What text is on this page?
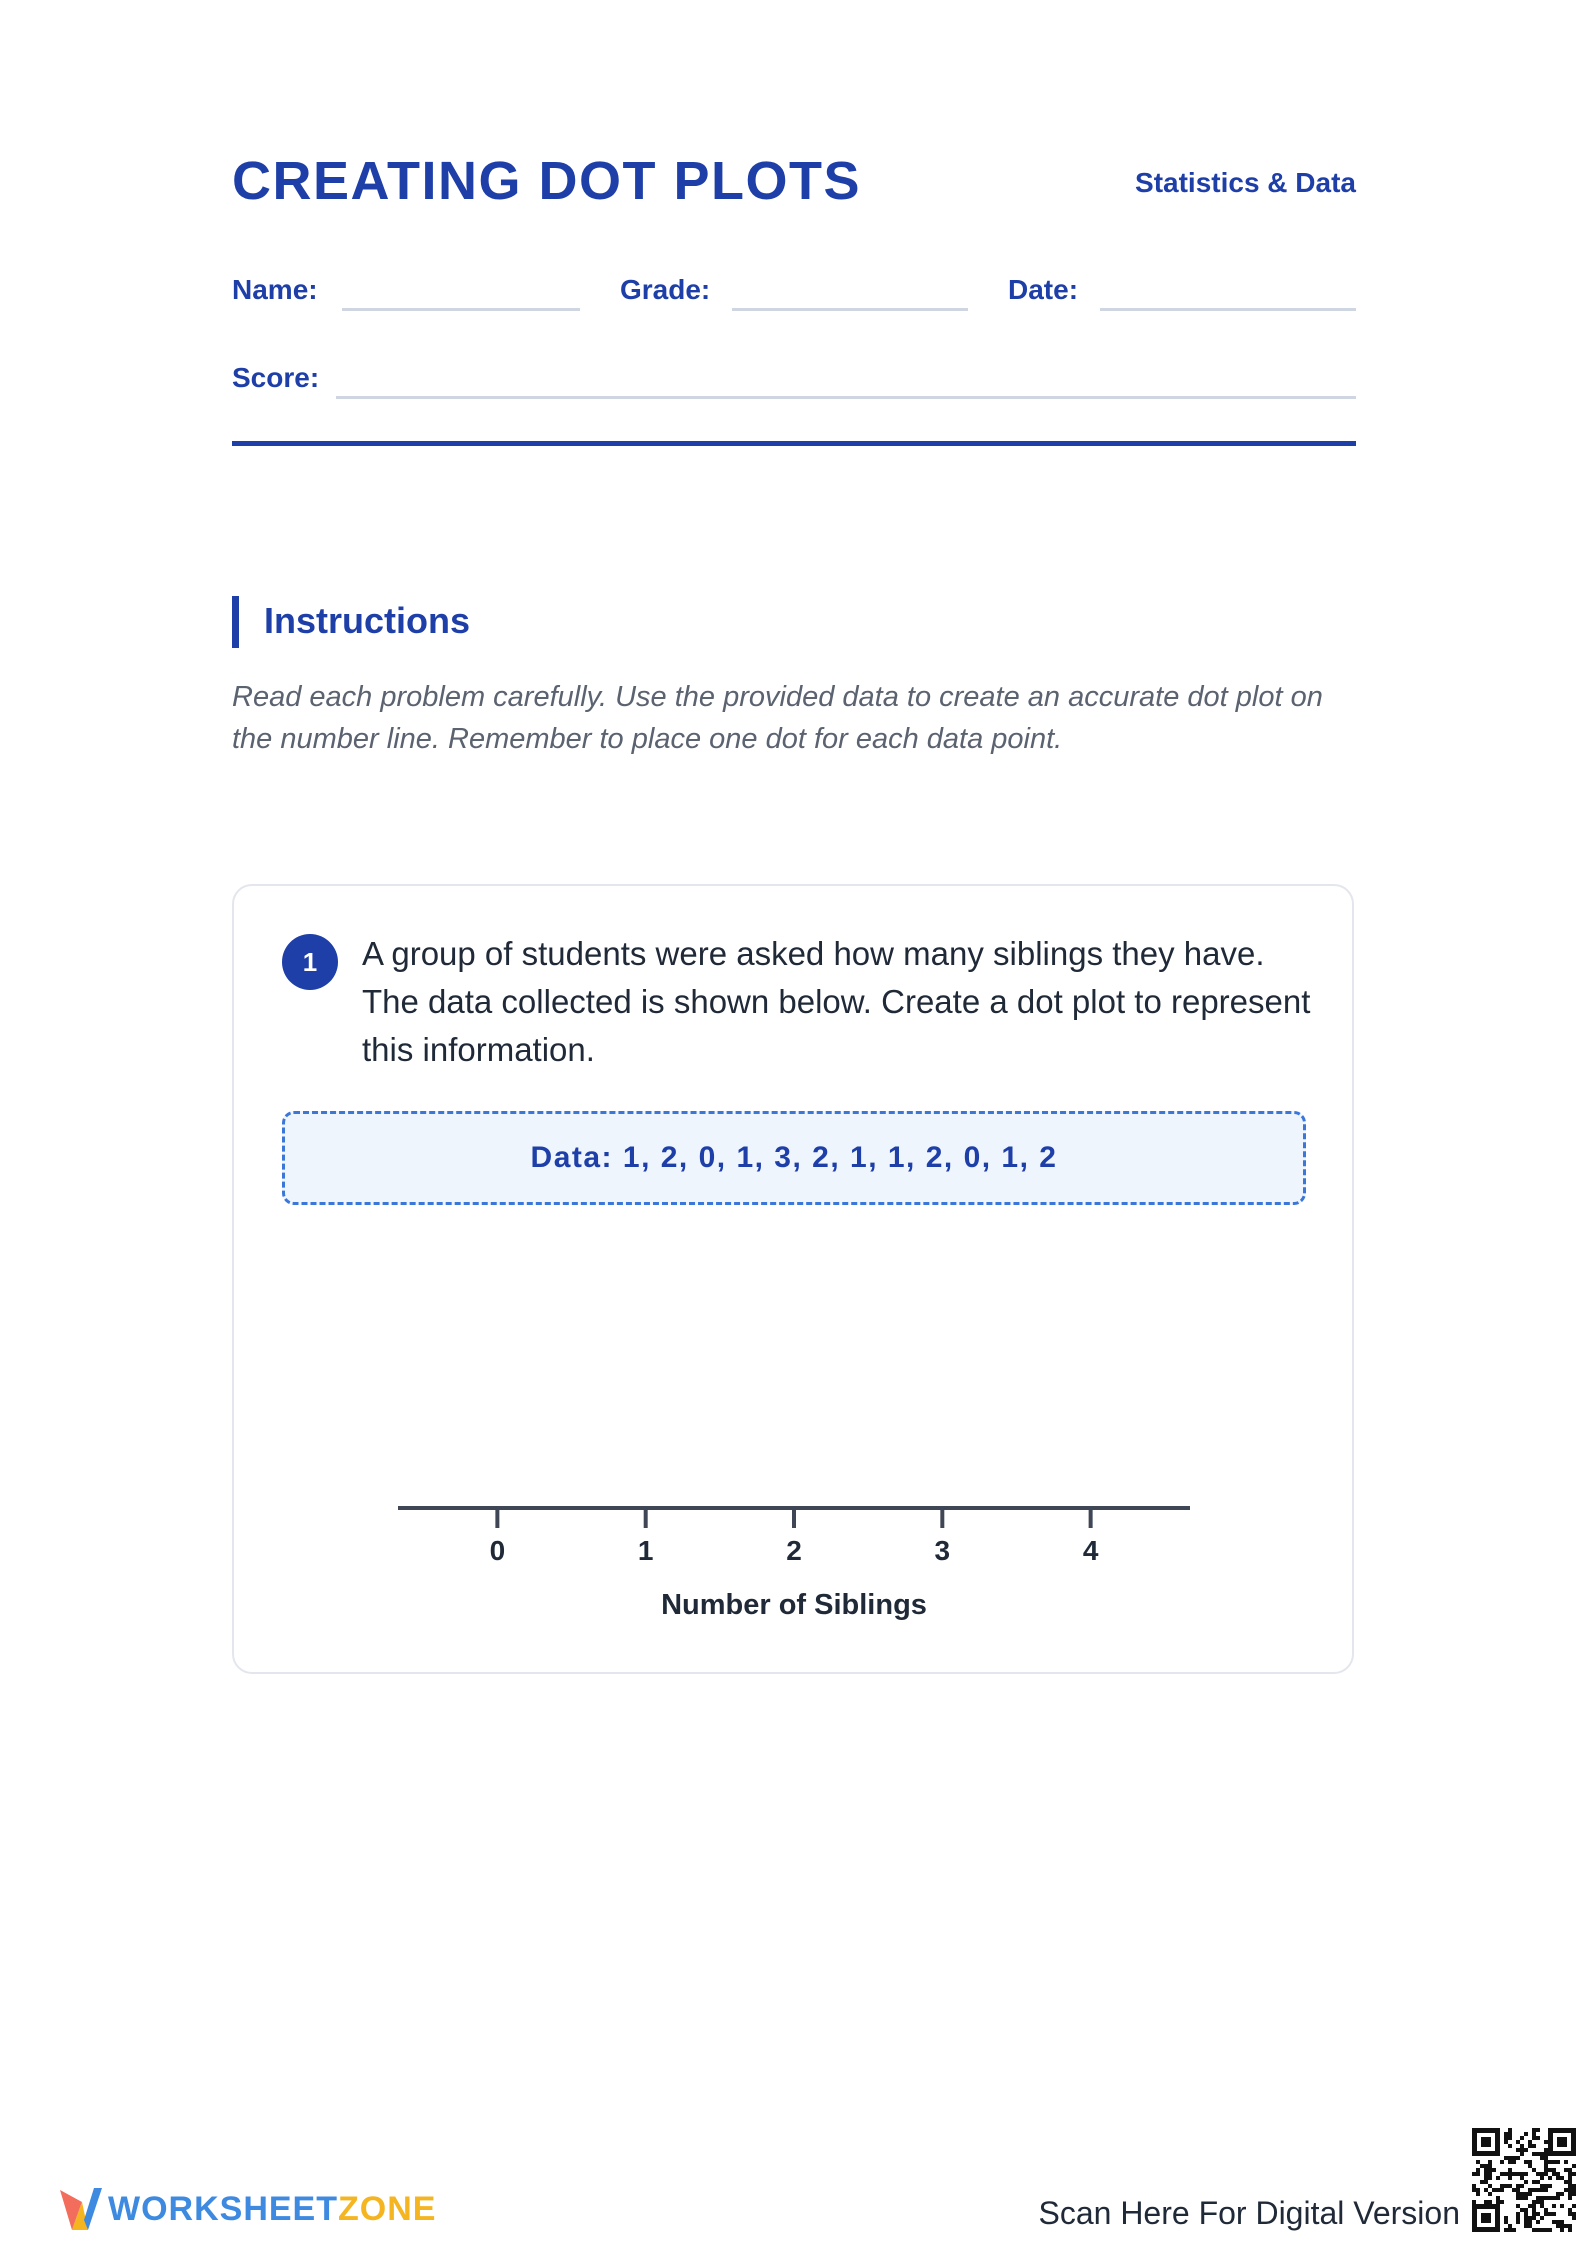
CREATING DOT PLOTS	Statistics & Data
Name:	Grade:	Date:
Score:
Instructions

Read each problem carefully. Use the provided data to create an accurate dot plot on the number line. Remember to place one dot for each data point.

1	A group of students were asked how many siblings they have. The data collected is shown below. Create a dot plot to represent this information.

Data: 1, 2, 0, 1, 3, 2, 1, 1, 2, 0, 1, 2
0	1	2	3	4
Number of Siblings
WORKSHEETZONE	Scan Here For Digital Version
